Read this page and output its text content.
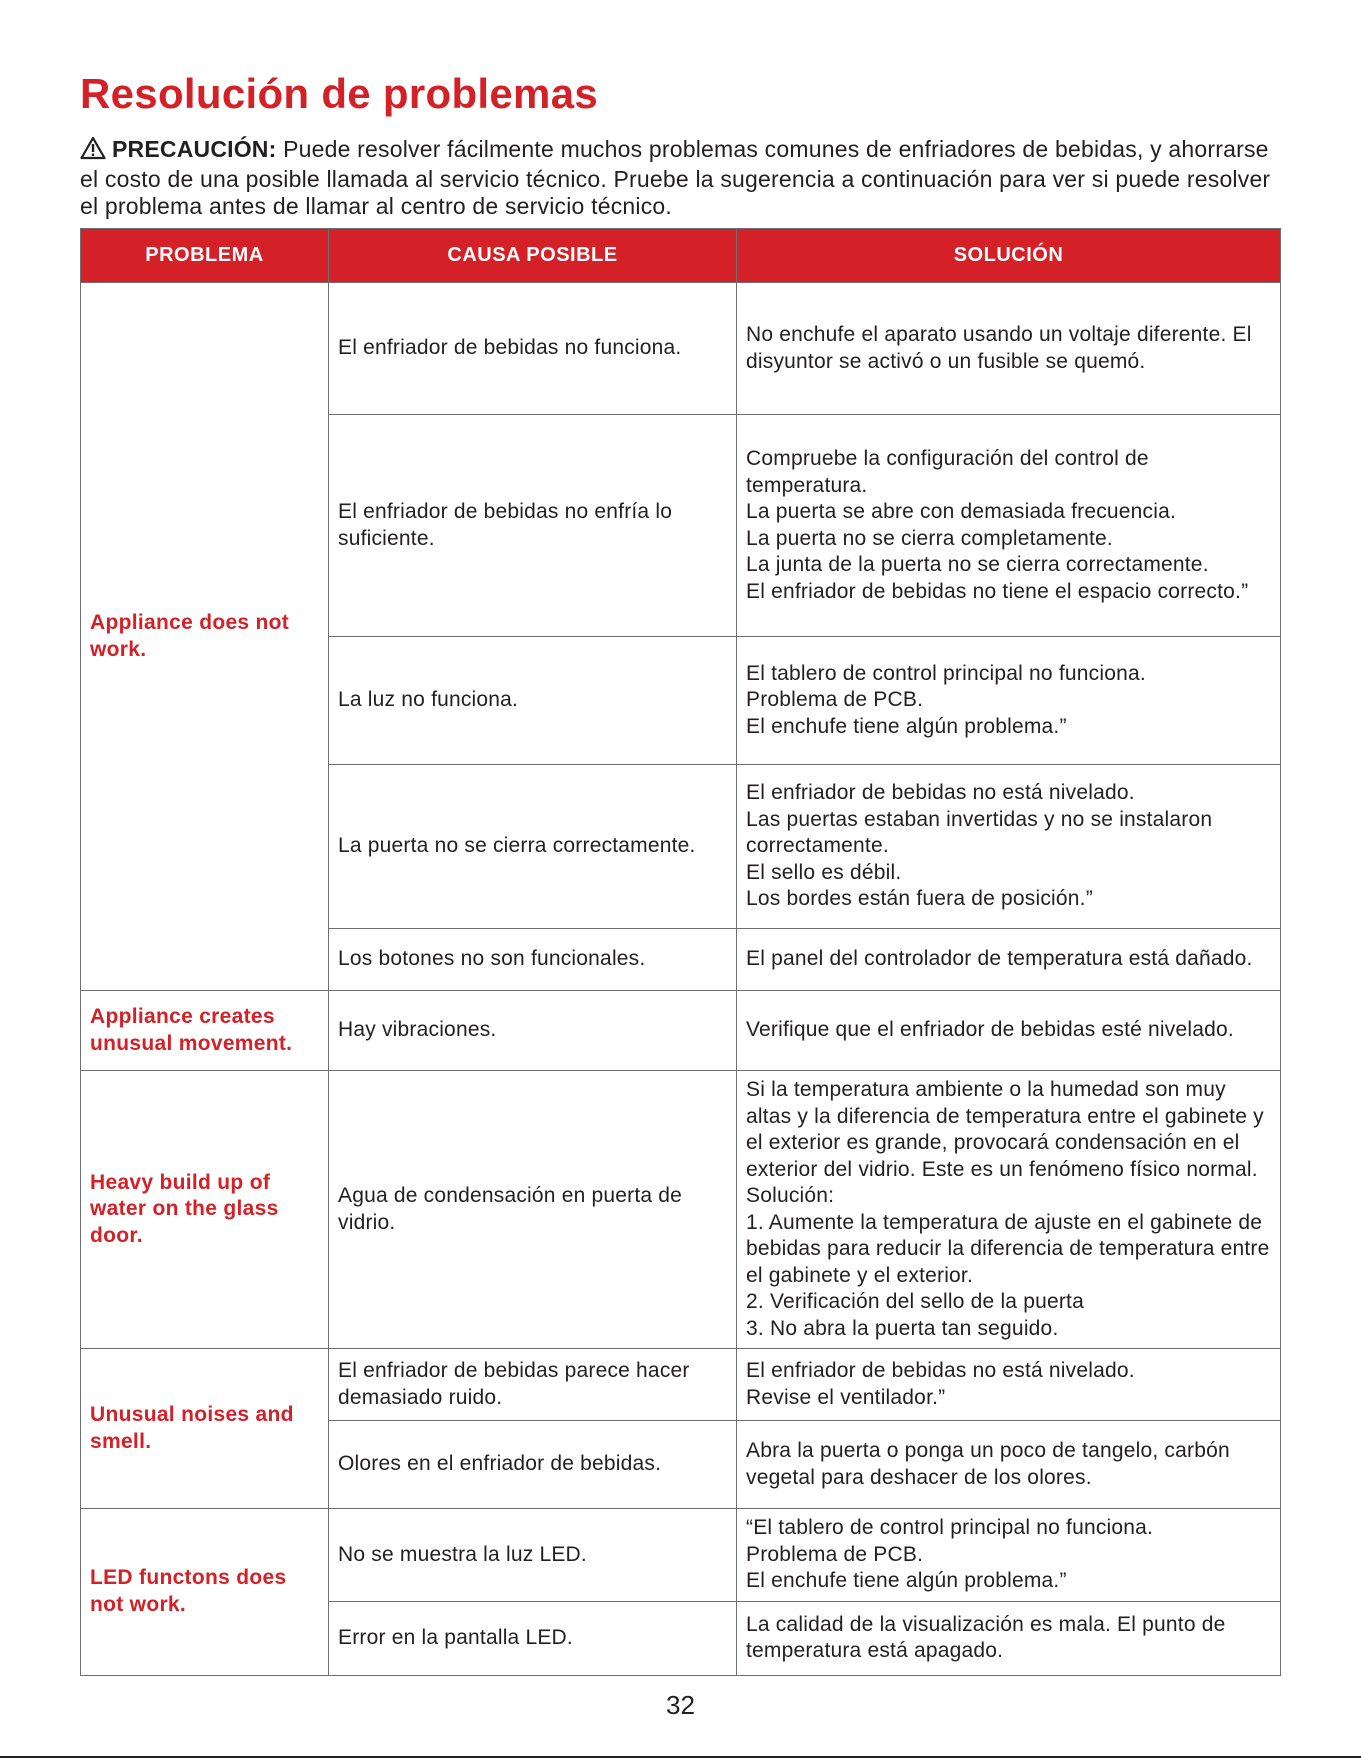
Resolución de problemas

PRECAUCIÓN: Puede resolver fácilmente muchos problemas comunes de enfriadores de bebidas, y ahorrarse el costo de una posible llamada al servicio técnico. Pruebe la sugerencia a continuación para ver si puede resolver el problema antes de llamar al centro de servicio técnico.

PROBLEMA	CAUSA POSIBLE	SOLUCIÓN
Appliance does not work.	El enfriador de bebidas no funciona.	No enchufe el aparato usando un voltaje diferente. El disyuntor se activó o un fusible se quemó.

	El enfriador de bebidas no enfría lo suficiente.	Compruebe la configuración del control de temperatura.
La puerta se abre con demasiada frecuencia.
La puerta no se cierra completamente.
La junta de la puerta no se cierra correctamente.
El enfriador de bebidas no tiene el espacio correcto.”

	La luz no funciona.	El tablero de control principal no funciona.
Problema de PCB.
El enchufe tiene algún problema.”

	La puerta no se cierra correctamente.	El enfriador de bebidas no está nivelado.
Las puertas estaban invertidas y no se instalaron correctamente.
El sello es débil.
Los bordes están fuera de posición.”

	Los botones no son funcionales.	El panel del controlador de temperatura está dañado.

Appliance creates unusual movement.	Hay vibraciones.	Verifique que el enfriador de bebidas esté nivelado.

Heavy build up of water on the glass door.	Agua de condensación en puerta de vidrio.	Si la temperatura ambiente o la humedad son muy altas y la diferencia de temperatura entre el gabinete y el exterior es grande, provocará condensación en el exterior del vidrio. Este es un fenómeno físico normal. Solución:
1. Aumente la temperatura de ajuste en el gabinete de bebidas para reducir la diferencia de temperatura entre el gabinete y el exterior.
2. Verificación del sello de la puerta
3. No abra la puerta tan seguido.

Unusual noises and smell.	El enfriador de bebidas parece hacer demasiado ruido.	El enfriador de bebidas no está nivelado.
Revise el ventilador.”

	Olores en el enfriador de bebidas.	Abra la puerta o ponga un poco de tangelo, carbón vegetal para deshacer de los olores.

LED functons does not work.	No se muestra la luz LED.	“El tablero de control principal no funciona.
Problema de PCB.
El enchufe tiene algún problema.”

	Error en la pantalla LED.	La calidad de la visualización es mala. El punto de temperatura está apagado.
32
